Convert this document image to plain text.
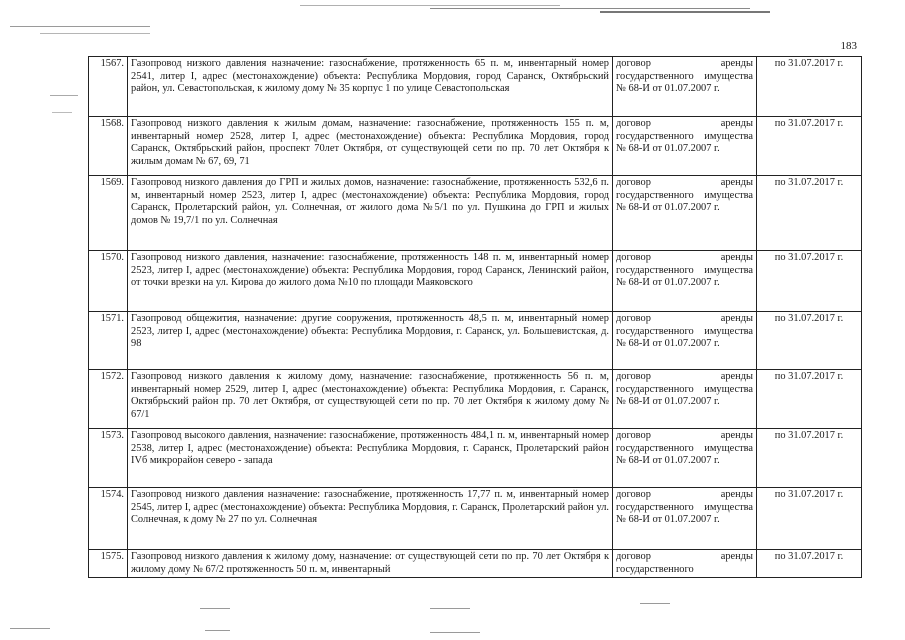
183
1567.	Газопровод низкого давления назначение: газоснабжение, протяженность 65 п. м, инвентарный номер 2541, литер I, адрес (местонахождение) объекта: Республика Мордовия, город Саранск, Октябрьский район, ул. Севастопольская, к жилому дому № 35 корпус 1 по улице Севастопольская	договор аренды государственного имущества № 68-И от 01.07.2007 г.	по 31.07.2017 г.
1568.	Газопровод низкого давления к жилым домам, назначение: газоснабжение, протяженность 155 п. м, инвентарный номер 2528, литер I, адрес (местонахождение) объекта: Республика Мордовия, город Саранск, Октябрьский район, проспект 70лет Октября, от существующей сети по пр. 70 лет Октября к жилым домам № 67, 69, 71	договор аренды государственного имущества № 68-И от 01.07.2007 г.	по 31.07.2017 г.
1569.	Газопровод низкого давления до ГРП и жилых домов, назначение: газоснабжение, протяженность 532,6 п. м, инвентарный номер 2523, литер I, адрес (местонахождение) объекта: Республика Мордовия, город Саранск, Пролетарский район, ул. Солнечная, от жилого дома №5/1 по ул. Пушкина до ГРП и жилых домов № 19,7/1 по ул. Солнечная	договор аренды государственного имущества № 68-И от 01.07.2007 г.	по 31.07.2017 г.
1570.	Газопровод низкого давления, назначение: газоснабжение, протяженность 148 п. м, инвентарный номер 2523, литер I, адрес (местонахождение) объекта: Республика Мордовия, город Саранск, Ленинский район, от точки врезки на ул. Кирова до жилого дома №10 по площади Маяковского	договор аренды государственного имущества № 68-И от 01.07.2007 г.	по 31.07.2017 г.
1571.	Газопровод общежития, назначение: другие сооружения, протяженность 48,5 п. м, инвентарный номер 2523, литер I, адрес (местонахождение) объекта: Республика Мордовия, г. Саранск, ул. Большевистская, д. 98	договор аренды государственного имущества № 68-И от 01.07.2007 г.	по 31.07.2017 г.
1572.	Газопровод низкого давления к жилому дому, назначение: газоснабжение, протяженность 56 п. м, инвентарный номер 2529, литер I, адрес (местонахождение) объекта: Республика Мордовия, г. Саранск, Октябрьский район пр. 70 лет Октября, от существующей сети по пр. 70 лет Октября к жилому дому № 67/1	договор аренды государственного имущества № 68-И от 01.07.2007 г.	по 31.07.2017 г.
1573.	Газопровод высокого давления, назначение: газоснабжение, протяженность 484,1 п. м, инвентарный номер 2538, литер I, адрес (местонахождение) объекта: Республика Мордовия, г. Саранск, Пролетарский район IVб микрорайон северо - запада	договор аренды государственного имущества № 68-И от 01.07.2007 г.	по 31.07.2017 г.
1574.	Газопровод низкого давления назначение: газоснабжение, протяженность 17,77 п. м, инвентарный номер 2545, литер I, адрес (местонахождение) объекта: Республика Мордовия, г. Саранск, Пролетарский район ул. Солнечная, к дому № 27 по ул. Солнечная	договор аренды государственного имущества № 68-И от 01.07.2007 г.	по 31.07.2017 г.
1575.	Газопровод низкого давления к жилому дому, назначение: от существующей сети по пр. 70 лет Октября к жилому дому № 67/2 протяженность 50 п. м, инвентарный	договор аренды государственного	по 31.07.2017 г.
